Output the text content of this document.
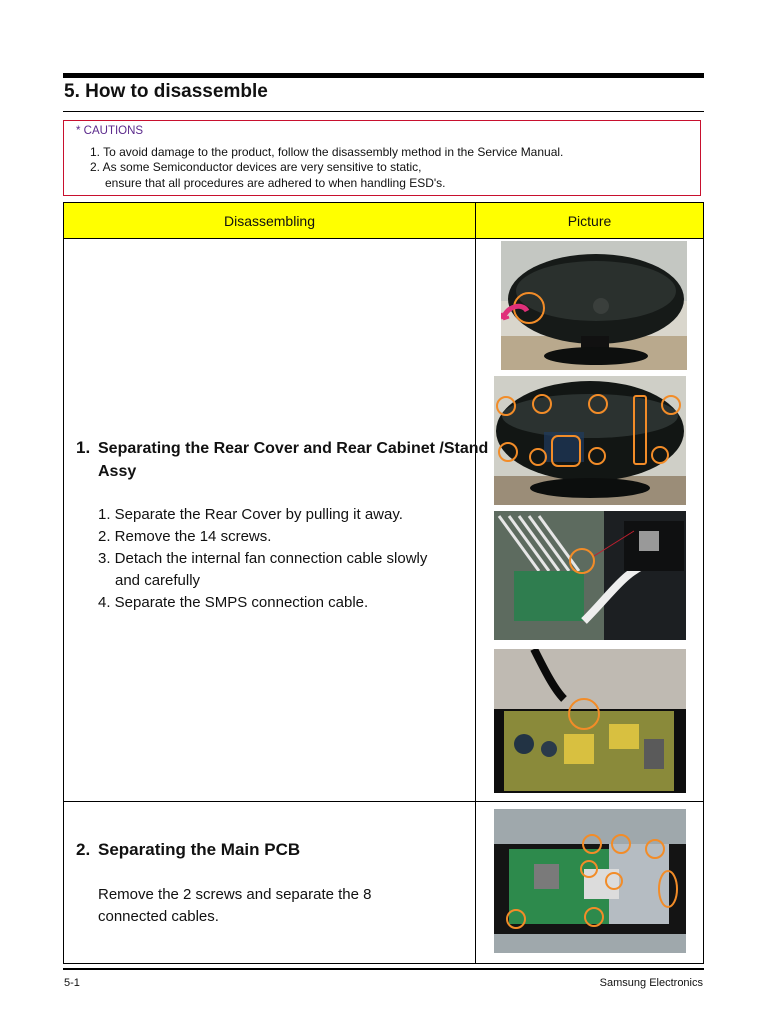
5. How to disassemble
* CAUTIONS
1. To avoid damage to the product, follow the disassembly method in the Service Manual.
2. As some Semiconductor devices are very sensitive to static,
ensure that all procedures are adhered to when handling ESD's.
Disassembling	Picture
1. Separating the Rear Cover and Rear Cabinet /Stand
Assy
1. Separate the Rear Cover by pulling it away.
2. Remove the 14 screws.
3. Detach the internal fan connection cable slowly
and carefully
4. Separate the SMPS connection cable.
2. Separating the Main PCB
Remove the 2 screws and separate the 8
connected cables.
5-1	Samsung Electronics
